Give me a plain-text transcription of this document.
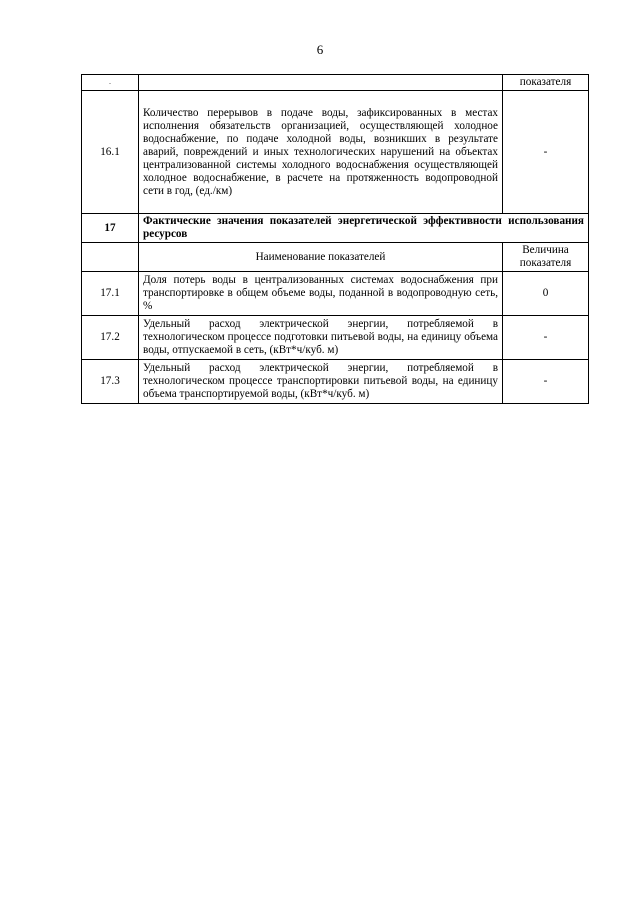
6
.		показателя
16.1	Количество перерывов в подаче воды, зафиксированных в местах исполнения обязательств организацией, осуществляющей холодное водоснабжение, по подаче холодной воды, возникших в результате аварий, повреждений и иных технологических нарушений на объектах централизованной системы холодного водоснабжения осуществляющей холодное водоснабжение, в расчете на протяженность водопроводной сети в год, (ед./км)	-
17	Фактические значения показателей энергетической эффективности использования ресурсов	
	Наименование показателей	Величина показателя
17.1	Доля потерь воды в централизованных системах водоснабжения при транспортировке в общем объеме воды, поданной в водопроводную сеть, %	0
17.2	Удельный расход электрической энергии, потребляемой в технологическом процессе подготовки питьевой воды, на единицу объема воды, отпускаемой в сеть, (кВт*ч/куб. м)	-
17.3	Удельный расход электрической энергии, потребляемой в технологическом процессе транспортировки питьевой воды, на единицу объема транспортируемой воды, (кВт*ч/куб. м)	-
